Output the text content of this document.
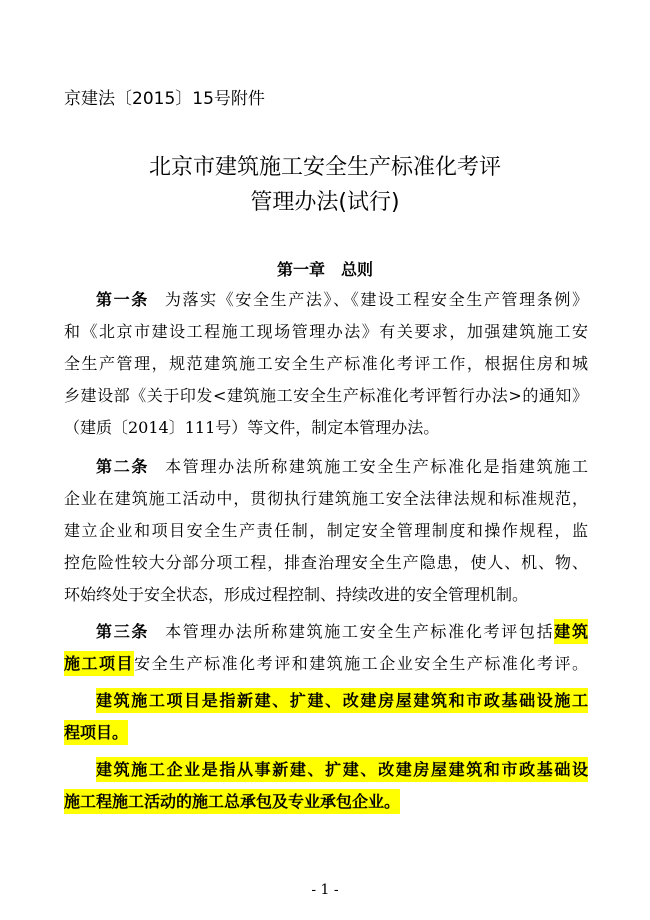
京建法〔2015〕15号附件
北京市建筑施工安全生产标准化考评
管理办法(试行)
第一章　总则
第一条 为落实《安全生产法》、《建设工程安全生产管理条例》
和《北京市建设工程施工现场管理办法》有关要求，加强建筑施工安
全生产管理，规范建筑施工安全生产标准化考评工作，根据住房和城
乡建设部《关于印发<建筑施工安全生产标准化考评暂行办法>的通知》
（建质〔2014〕111号）等文件，制定本管理办法。
第二条 本管理办法所称建筑施工安全生产标准化是指建筑施工
企业在建筑施工活动中，贯彻执行建筑施工安全法律法规和标准规范，
建立企业和项目安全生产责任制，制定安全管理制度和操作规程，监
控危险性较大分部分项工程，排查治理安全生产隐患，使人、机、物、
环始终处于安全状态，形成过程控制、持续改进的安全管理机制。
第三条 本管理办法所称建筑施工安全生产标准化考评包括建筑
施工项目安全生产标准化考评和建筑施工企业安全生产标准化考评。
建筑施工项目是指新建、扩建、改建房屋建筑和市政基础设施工
程项目。
建筑施工企业是指从事新建、扩建、改建房屋建筑和市政基础设
施工程施工活动的施工总承包及专业承包企业。
- 1 -
